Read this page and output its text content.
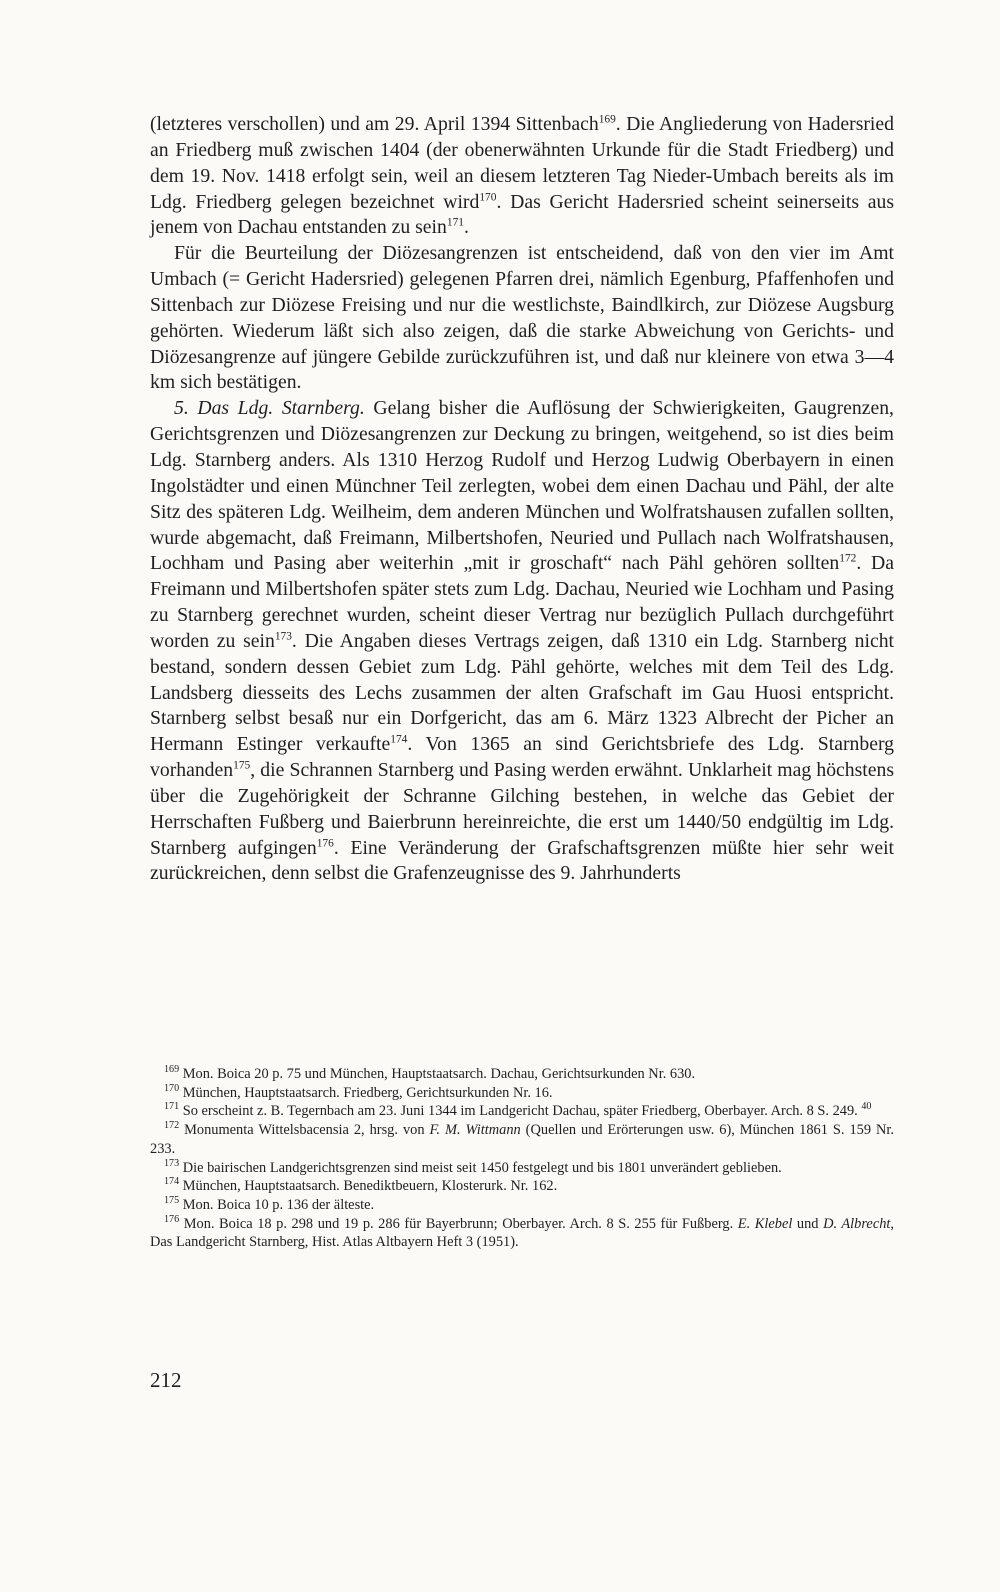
(letzteres verschollen) und am 29. April 1394 Sittenbach$^{169}$. Die Angliederung von Hadersried an Friedberg muß zwischen 1404 (der obenerwähnten Urkunde für die Stadt Friedberg) und dem 19. Nov. 1418 erfolgt sein, weil an diesem letzteren Tag Nieder-Umbach bereits als im Ldg. Friedberg gelegen bezeichnet wird$^{170}$. Das Gericht Hadersried scheint seinerseits aus jenem von Dachau entstanden zu sein$^{171}$.

Für die Beurteilung der Diözesangrenzen ist entscheidend, daß von den vier im Amt Umbach (= Gericht Hadersried) gelegenen Pfarren drei, nämlich Egenburg, Pfaffenhofen und Sittenbach zur Diözese Freising und nur die westlichste, Baindlkirch, zur Diözese Augsburg gehörten. Wiederum läßt sich also zeigen, daß die starke Abweichung von Gerichts- und Diözesangrenze auf jüngere Gebilde zurückzuführen ist, und daß nur kleinere von etwa 3—4 km sich bestätigen.

5. Das Ldg. Starnberg. Gelang bisher die Auflösung der Schwierigkeiten, Gaugrenzen, Gerichtsgrenzen und Diözesangrenzen zur Deckung zu bringen, weitgehend, so ist dies beim Ldg. Starnberg anders. Als 1310 Herzog Rudolf und Herzog Ludwig Oberbayern in einen Ingolstädter und einen Münchner Teil zerlegten, wobei dem einen Dachau und Pähl, der alte Sitz des späteren Ldg. Weilheim, dem anderen München und Wolfratshausen zufallen sollten, wurde abgemacht, daß Freimann, Milbertshofen, Neuried und Pullach nach Wolfratshausen, Lochham und Pasing aber weiterhin „mit ir groschaft“ nach Pähl gehören sollten$^{172}$. Da Freimann und Milbertshofen später stets zum Ldg. Dachau, Neuried wie Lochham und Pasing zu Starnberg gerechnet wurden, scheint dieser Vertrag nur bezüglich Pullach durchgeführt worden zu sein$^{173}$. Die Angaben dieses Vertrags zeigen, daß 1310 ein Ldg. Starnberg nicht bestand, sondern dessen Gebiet zum Ldg. Pähl gehörte, welches mit dem Teil des Ldg. Landsberg diesseits des Lechs zusammen der alten Grafschaft im Gau Huosi entspricht. Starnberg selbst besaß nur ein Dorfgericht, das am 6. März 1323 Albrecht der Picher an Hermann Estinger verkaufte$^{174}$. Von 1365 an sind Gerichtsbriefe des Ldg. Starnberg vorhanden$^{175}$, die Schrannen Starnberg und Pasing werden erwähnt. Unklarheit mag höchstens über die Zugehörigkeit der Schranne Gilching bestehen, in welche das Gebiet der Herrschaften Fußberg und Baierbrunn hereinreichte, die erst um 1440/50 endgültig im Ldg. Starnberg aufgingen$^{176}$. Eine Veränderung der Grafschaftsgrenzen müßte hier sehr weit zurückreichen, denn selbst die Grafenzeugnisse des 9. Jahrhunderts

$^{169}$ Mon. Boica 20 p. 75 und München, Hauptstaatsarch. Dachau, Gerichtsurkunden Nr. 630.

$^{170}$ München, Hauptstaatsarch. Friedberg, Gerichtsurkunden Nr. 16.

$^{171}$ So erscheint z. B. Tegernbach am 23. Juni 1344 im Landgericht Dachau, später Friedberg, Oberbayer. Arch. 8 S. 249. $^{40}$

$^{172}$ Monumenta Wittelsbacensia 2, hrsg. von F. M. Wittmann (Quellen und Erörterungen usw. 6), München 1861 S. 159 Nr. 233.

$^{173}$ Die bairischen Landgerichtsgrenzen sind meist seit 1450 festgelegt und bis 1801 unverändert geblieben.

$^{174}$ München, Hauptstaatsarch. Benediktbeuern, Klosterurk. Nr. 162.

$^{175}$ Mon. Boica 10 p. 136 der älteste.

$^{176}$ Mon. Boica 18 p. 298 und 19 p. 286 für Bayerbrunn; Oberbayer. Arch. 8 S. 255 für Fußberg. E. Klebel und D. Albrecht, Das Landgericht Starnberg, Hist. Atlas Altbayern Heft 3 (1951).

212
